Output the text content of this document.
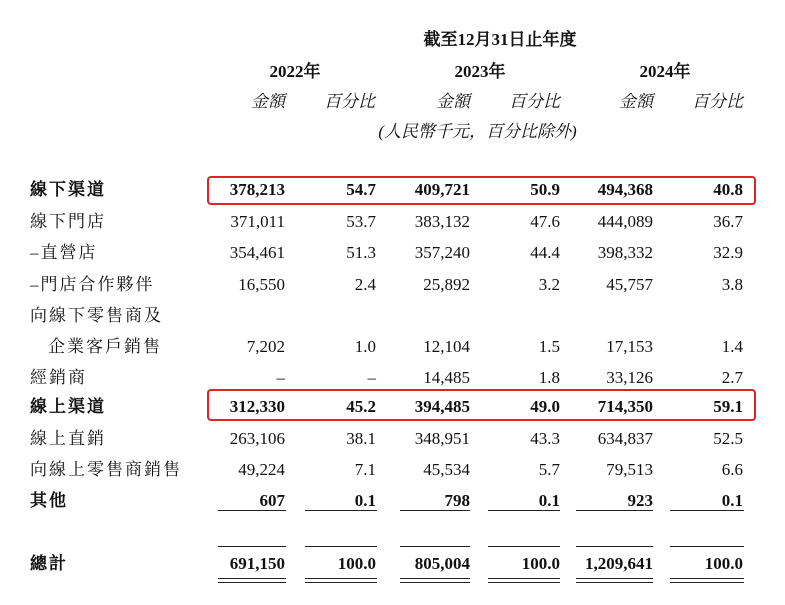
截至12月31日止年度
2022年	2023年	2024年
金額	百分比	金額	百分比	金額	百分比
(人民幣千元，百分比除外)
線下渠道	378,213	54.7	409,721	50.9	494,368	40.8
線下門店	371,011	53.7	383,132	47.6	444,089	36.7
–直營店	354,461	51.3	357,240	44.4	398,332	32.9
–門店合作夥伴	16,550	2.4	25,892	3.2	45,757	3.8
向線下零售商及
企業客戶銷售	7,202	1.0	12,104	1.5	17,153	1.4
經銷商	–	–	14,485	1.8	33,126	2.7
線上渠道	312,330	45.2	394,485	49.0	714,350	59.1
線上直銷	263,106	38.1	348,951	43.3	634,837	52.5
向線上零售商銷售	49,224	7.1	45,534	5.7	79,513	6.6
其他	607	0.1	798	0.1	923	0.1
總計	691,150	100.0	805,004	100.0	1,209,641	100.0
